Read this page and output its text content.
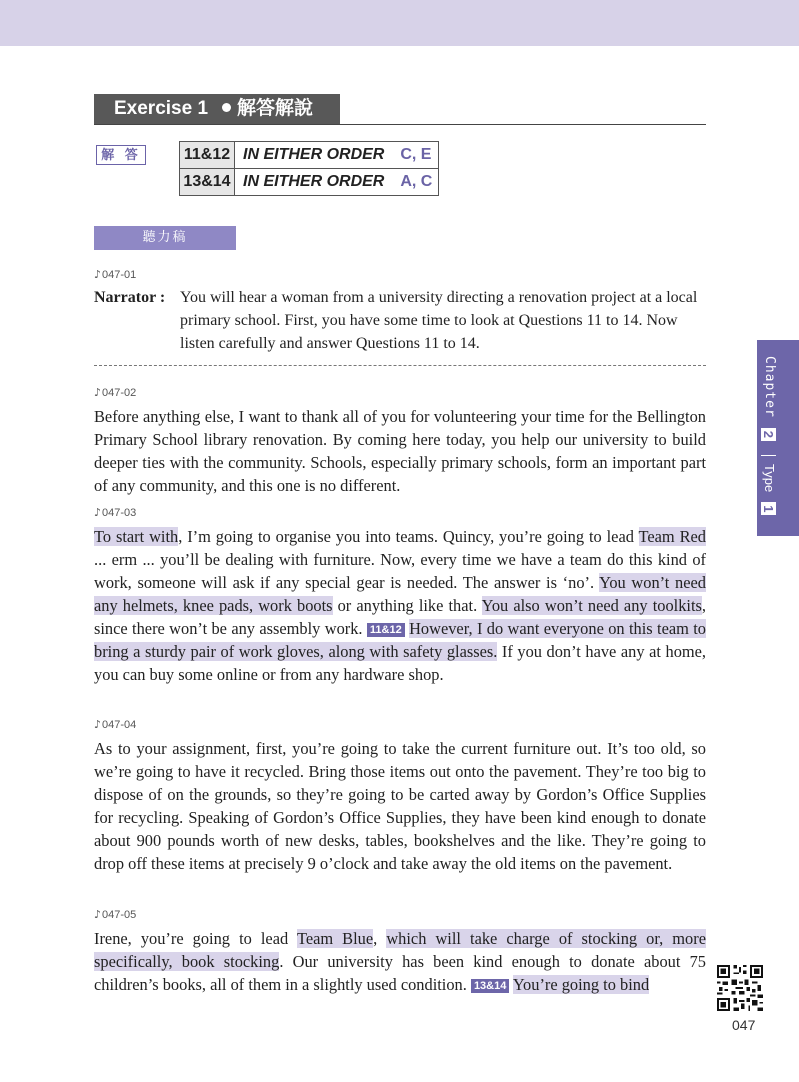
Exercise 1 解答解說
解 答	11&12	IN EITHER ORDER	C, E
13&14	IN EITHER ORDER	A, C
聽力稿
♪047-01
Narrator : You will hear a woman from a university directing a renovation project at a local primary school. First, you have some time to look at Questions 11 to 14. Now listen carefully and answer Questions 11 to 14.
♪047-02
Before anything else, I want to thank all of you for volunteering your time for the Bellington Primary School library renovation. By coming here today, you help our university to build deeper ties with the community. Schools, especially primary schools, form an important part of any community, and this one is no different.
♪047-03
To start with, I’m going to organise you into teams. Quincy, you’re going to lead Team Red ... erm ... you’ll be dealing with furniture. Now, every time we have a team do this kind of work, someone will ask if any special gear is needed. The answer is ‘no’. You won’t need any helmets, knee pads, work boots or anything like that. You also won’t need any toolkits, since there won’t be any assembly work. 11&12 However, I do want everyone on this team to bring a sturdy pair of work gloves, along with safety glasses. If you don’t have any at home, you can buy some online or from any hardware shop.
♪047-04
As to your assignment, first, you’re going to take the current furniture out. It’s too old, so we’re going to have it recycled. Bring those items out onto the pavement. They’re too big to dispose of on the grounds, so they’re going to be carted away by Gordon’s Office Supplies for recycling. Speaking of Gordon’s Office Supplies, they have been kind enough to donate about 900 pounds worth of new desks, tables, bookshelves and the like. They’re going to drop off these items at precisely 9 o’clock and take away the old items on the pavement.
♪047-05
Irene, you’re going to lead Team Blue, which will take charge of stocking or, more specifically, book stocking. Our university has been kind enough to donate about 75 children’s books, all of them in a slightly used condition. 13&14 You’re going to bind
Chapter
2
Type
1
047
